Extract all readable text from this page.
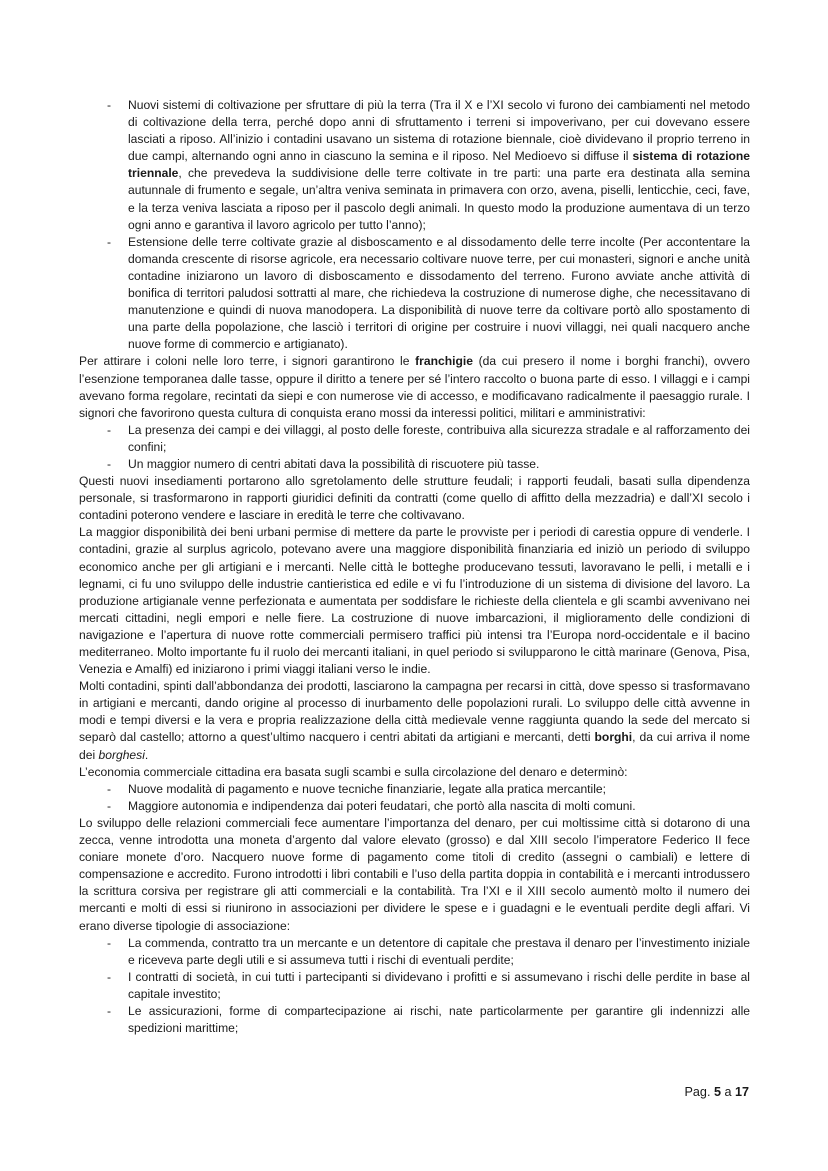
- Nuovi sistemi di coltivazione per sfruttare di più la terra (Tra il X e l’XI secolo vi furono dei cambiamenti nel metodo di coltivazione della terra, perché dopo anni di sfruttamento i terreni si impoverivano, per cui dovevano essere lasciati a riposo. All’inizio i contadini usavano un sistema di rotazione biennale, cioè dividevano il proprio terreno in due campi, alternando ogni anno in ciascuno la semina e il riposo. Nel Medioevo si diffuse il sistema di rotazione triennale, che prevedeva la suddivisione delle terre coltivate in tre parti: una parte era destinata alla semina autunnale di frumento e segale, un’altra veniva seminata in primavera con orzo, avena, piselli, lenticchie, ceci, fave, e la terza veniva lasciata a riposo per il pascolo degli animali. In questo modo la produzione aumentava di un terzo ogni anno e garantiva il lavoro agricolo per tutto l’anno);
- Estensione delle terre coltivate grazie al disboscamento e al dissodamento delle terre incolte (Per accontentare la domanda crescente di risorse agricole, era necessario coltivare nuove terre, per cui monasteri, signori e anche unità contadine iniziarono un lavoro di disboscamento e dissodamento del terreno. Furono avviate anche attività di bonifica di territori paludosi sottratti al mare, che richiedeva la costruzione di numerose dighe, che necessitavano di manutenzione e quindi di nuova manodopera. La disponibilità di nuove terre da coltivare portò allo spostamento di una parte della popolazione, che lasciò i territori di origine per costruire i nuovi villaggi, nei quali nacquero anche nuove forme di commercio e artigianato).

Per attirare i coloni nelle loro terre, i signori garantirono le franchigie (da cui presero il nome i borghi franchi), ovvero l’esenzione temporanea dalle tasse, oppure il diritto a tenere per sé l’intero raccolto o buona parte di esso. I villaggi e i campi avevano forma regolare, recintati da siepi e con numerose vie di accesso, e modificavano radicalmente il paesaggio rurale. I signori che favorirono questa cultura di conquista erano mossi da interessi politici, militari e amministrativi:

- La presenza dei campi e dei villaggi, al posto delle foreste, contribuiva alla sicurezza stradale e al rafforzamento dei confini;
- Un maggior numero di centri abitati dava la possibilità di riscuotere più tasse.

Questi nuovi insediamenti portarono allo sgretolamento delle strutture feudali; i rapporti feudali, basati sulla dipendenza personale, si trasformarono in rapporti giuridici definiti da contratti (come quello di affitto della mezzadria) e dall’XI secolo i contadini poterono vendere e lasciare in eredità le terre che coltivavano.

La maggior disponibilità dei beni urbani permise di mettere da parte le provviste per i periodi di carestia oppure di venderle. I contadini, grazie al surplus agricolo, potevano avere una maggiore disponibilità finanziaria ed iniziò un periodo di sviluppo economico anche per gli artigiani e i mercanti. Nelle città le botteghe producevano tessuti, lavoravano le pelli, i metalli e i legnami, ci fu uno sviluppo delle industrie cantieristica ed edile e vi fu l’introduzione di un sistema di divisione del lavoro. La produzione artigianale venne perfezionata e aumentata per soddisfare le richieste della clientela e gli scambi avvenivano nei mercati cittadini, negli empori e nelle fiere. La costruzione di nuove imbarcazioni, il miglioramento delle condizioni di navigazione e l’apertura di nuove rotte commerciali permisero traffici più intensi tra l’Europa nord-occidentale e il bacino mediterraneo. Molto importante fu il ruolo dei mercanti italiani, in quel periodo si svilupparono le città marinare (Genova, Pisa, Venezia e Amalfi) ed iniziarono i primi viaggi italiani verso le indie.

Molti contadini, spinti dall’abbondanza dei prodotti, lasciarono la campagna per recarsi in città, dove spesso si trasformavano in artigiani e mercanti, dando origine al processo di inurbamento delle popolazioni rurali. Lo sviluppo delle città avvenne in modi e tempi diversi e la vera e propria realizzazione della città medievale venne raggiunta quando la sede del mercato si separò dal castello; attorno a quest’ultimo nacquero i centri abitati da artigiani e mercanti, detti borghi, da cui arriva il nome dei borghesi.

L’economia commerciale cittadina era basata sugli scambi e sulla circolazione del denaro e determinò:

- Nuove modalità di pagamento e nuove tecniche finanziarie, legate alla pratica mercantile;
- Maggiore autonomia e indipendenza dai poteri feudatari, che portò alla nascita di molti comuni.

Lo sviluppo delle relazioni commerciali fece aumentare l’importanza del denaro, per cui moltissime città si dotarono di una zecca, venne introdotta una moneta d’argento dal valore elevato (grosso) e dal XIII secolo l’imperatore Federico II fece coniare monete d’oro. Nacquero nuove forme di pagamento come titoli di credito (assegni o cambiali) e lettere di compensazione e accredito. Furono introdotti i libri contabili e l’uso della partita doppia in contabilità e i mercanti introdussero la scrittura corsiva per registrare gli atti commerciali e la contabilità. Tra l’XI e il XIII secolo aumentò molto il numero dei mercanti e molti di essi si riunirono in associazioni per dividere le spese e i guadagni e le eventuali perdite degli affari. Vi erano diverse tipologie di associazione:

- La commenda, contratto tra un mercante e un detentore di capitale che prestava il denaro per l’investimento iniziale e riceveva parte degli utili e si assumeva tutti i rischi di eventuali perdite;
- I contratti di società, in cui tutti i partecipanti si dividevano i profitti e si assumevano i rischi delle perdite in base al capitale investito;
- Le assicurazioni, forme di compartecipazione ai rischi, nate particolarmente per garantire gli indennizzi alle spedizioni marittime;
Pag. 5 a 17
